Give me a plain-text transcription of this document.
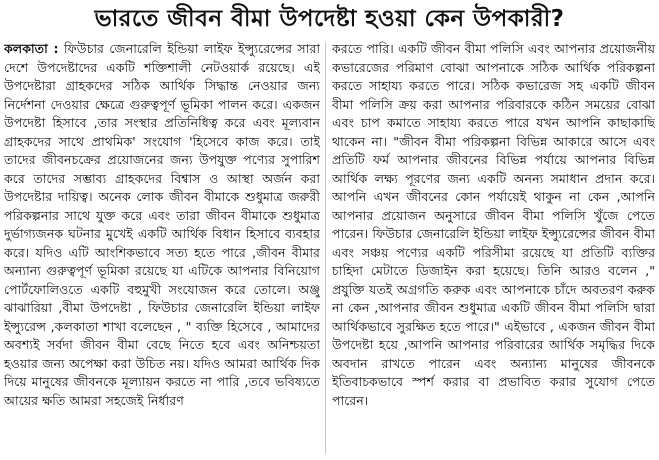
ভারতে জীবন বীমা উপদেষ্টা হওয়া কেন উপকারী?

কলকাতা : ফিউচার জেনারেলি ইন্ডিয়া লাইফ ইন্স্যুরেন্সের সারা দেশে উপদেষ্টাদের একটি শক্তিশালী নেটওয়ার্ক রয়েছে। এই উপদেষ্টারা গ্রাহকদের সঠিক আর্থিক সিদ্ধান্ত নেওয়ার জন্য নির্দেশনা দেওয়ার ক্ষেত্রে গুরুত্বপূর্ণ ভূমিকা পালন করে। একজন উপদেষ্টা হিসাবে ,তার সংস্থার প্রতিনিধিত্ব করে এবং মূল্যবান গ্রাহকদের সাথে প্রাথমিক' সংযোগ 'হিসেবে কাজ করে। তাই তাদের জীবনচক্রের প্রয়োজনের জন্য উপযুক্ত পণ্যের সুপারিশ করে তাদের সম্ভাব্য গ্রাহকদের বিশ্বাস ও আস্থা অর্জন করা উপদেষ্টার দায়িত্ব। অনেক লোক জীবন বীমাকে শুধুমাত্র জরুরী পরিকল্পনার সাথে যুক্ত করে এবং তারা জীবন বীমাকে শুধুমাত্র দুর্ভাগ্যজনক ঘটনার মুখেই একটি আর্থিক বিধান হিসাবে ব্যবহার করে। যদিও এটি আংশিকভাবে সত্য হতে পারে ,জীবন বীমার অন্যান্য গুরুত্বপূর্ণ ভূমিকা রয়েছে যা এটিকে আপনার বিনিয়োগ পোর্টফোলিওতে একটি বহুমুখী সংযোজন করে তোলে। অঞ্জু ঝাঝারিয়া ,বীমা উপদেষ্টা , ফিউচার জেনারেলি ইন্ডিয়া লাইফ ইন্স্যুরেন্স ,কলকাতা শাখা বলেছেন , " ব্যক্তি হিসেবে , আমাদের অবশ্যই সর্বদা জীবন বীমা বেছে নিতে হবে এবং অনিশ্চয়তা হওয়ার জন্য অপেক্ষা করা উচিত নয়। যদিও আমরা আর্থিক দিক দিয়ে মানুষের জীবনকে মূল্যায়ন করতে না পারি ,তবে ভবিষ্যতে আয়ের ক্ষতি আমরা সহজেই নির্ধারণ

করতে পারি। একটি জীবন বীমা পলিসি এবং আপনার প্রয়োজনীয় কভারেজের পরিমাণ বোঝা আপনাকে সঠিক আর্থিক পরিকল্পনা করতে সাহায্য করতে পারে। সঠিক কভারেজ সহ একটি জীবন বীমা পলিসি ক্রয় করা আপনার পরিবারকে কঠিন সময়ের বোঝা এবং চাপ কমাতে সাহায্য করতে পারে যখন আপনি কাছাকাছি থাকেন না। "জীবন বীমা পরিকল্পনা বিভিন্ন আকারে আসে এবং প্রতিটি ফর্ম আপনার জীবনের বিভিন্ন পর্যায়ে আপনার বিভিন্ন আর্থিক লক্ষ্য পূরণের জন্য একটি অনন্য সমাধান প্রদান করে। আপনি এখন জীবনের কোন পর্যায়েই থাকুন না কেন ,আপনি আপনার প্রয়োজন অনুসারে জীবন বীমা পলিসি খুঁজে পেতে পারেন। ফিউচার জেনারেলি ইন্ডিয়া লাইফ ইন্স্যুরেন্সের জীবন বীমা এবং সঞ্চয় পণ্যের একটি পরিসীমা রয়েছে যা প্রতিটি ব্যক্তির চাহিদা মেটাতে ডিজাইন করা হয়েছে। তিনি আরও বলেন ," প্রযুক্তি যতই অগ্রগতি করুক এবং আপনাকে চাঁদে অবতরণ করুক না কেন ,আপনার জীবন শুধুমাত্র একটি জীবন বীমা পলিসি দ্বারা আর্থিকভাবে সুরক্ষিত হতে পারে।" এইভাবে , একজন জীবন বীমা উপদেষ্টা হয়ে ,আপনি আপনার পরিবারের আর্থিক সমৃদ্ধির দিকে অবদান রাখতে পারেন এবং অন্যান্য মানুষের জীবনকে ইতিবাচকভাবে স্পর্শ করার বা প্রভাবিত করার সুযোগ পেতে পারেন।
